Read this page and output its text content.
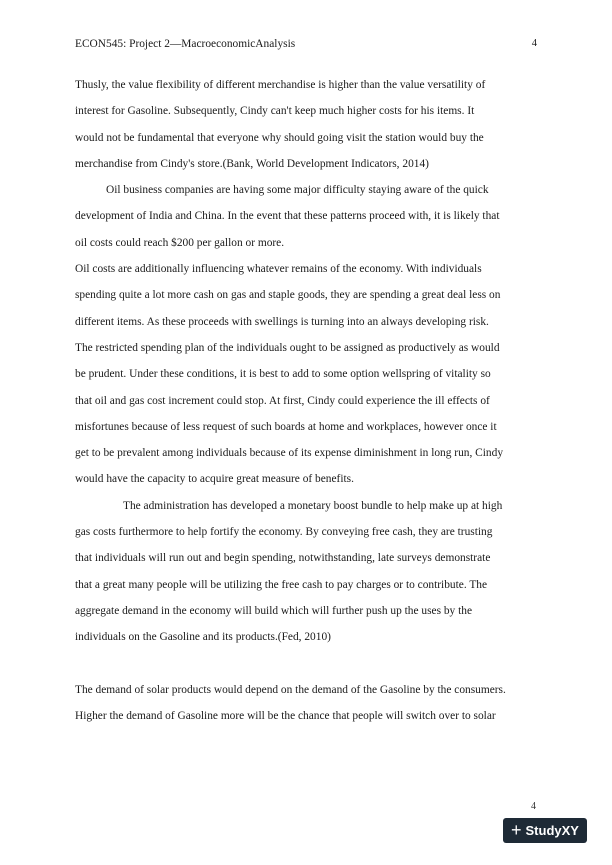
ECON545: Project 2—MacroeconomicAnalysis	4
Thusly, the value flexibility of different merchandise is higher than the value versatility of
interest for Gasoline. Subsequently, Cindy can't keep much higher costs for his items. It
would not be fundamental that everyone why should going visit the station would buy the
merchandise from Cindy's store.(Bank, World Development Indicators, 2014)
Oil business companies are having some major difficulty staying aware of the quick
development of India and China. In the event that these patterns proceed with, it is likely that
oil costs could reach $200 per gallon or more.
Oil costs are additionally influencing whatever remains of the economy. With individuals
spending quite a lot more cash on gas and staple goods, they are spending a great deal less on
different items. As these proceeds with swellings is turning into an always developing risk.
The restricted spending plan of the individuals ought to be assigned as productively as would
be prudent. Under these conditions, it is best to add to some option wellspring of vitality so
that oil and gas cost increment could stop. At first, Cindy could experience the ill effects of
misfortunes because of less request of such boards at home and workplaces, however once it
get to be prevalent among individuals because of its expense diminishment in long run, Cindy
would have the capacity to acquire great measure of benefits.
The administration has developed a monetary boost bundle to help make up at high
gas costs furthermore to help fortify the economy. By conveying free cash, they are trusting
that individuals will run out and begin spending, notwithstanding, late surveys demonstrate
that a great many people will be utilizing the free cash to pay charges or to contribute. The
aggregate demand in the economy will build which will further push up the uses by the
individuals on the Gasoline and its products.(Fed, 2010)
The demand of solar products would depend on the demand of the Gasoline by the consumers.
Higher the demand of Gasoline more will be the chance that people will switch over to solar
4
+ StudyXY
